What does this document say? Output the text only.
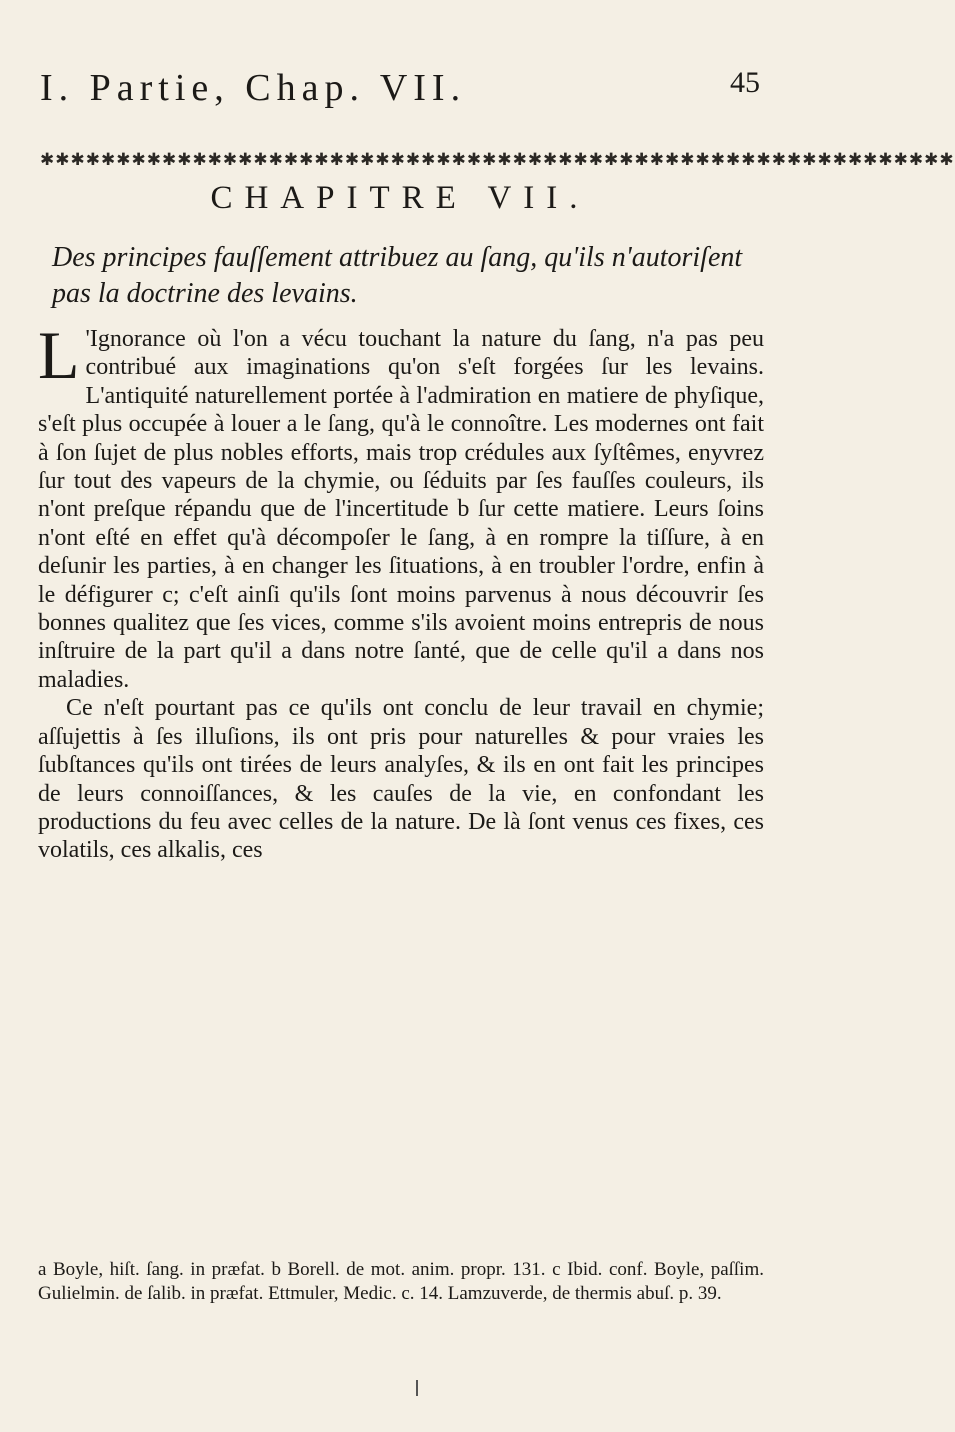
I. Partie, Chap. VII.	45
✱✱✱✱✱✱✱✱✱✱✱✱✱✱✱✱✱✱✱✱✱✱✱✱✱✱✱✱✱✱✱✱✱✱✱✱✱✱✱✱✱✱✱✱✱✱✱✱✱✱✱✱✱✱✱✱✱✱✱✱
CHAPITRE VII.
Des principes fauſſement attribuez au ſang, qu'ils n'autoriſent pas la doctrine des levains.

L 'Ignorance où l'on a vécu touchant la nature du ſang, n'a pas peu contribué aux imaginations qu'on s'eſt forgées ſur les levains. L'antiquité naturellement portée à l'admiration en matiere de phyſique, s'eſt plus occupée à louer a le ſang, qu'à le connoître. Les modernes ont fait à ſon ſujet de plus nobles efforts, mais trop crédules aux ſyſtêmes, enyvrez ſur tout des vapeurs de la chymie, ou ſéduits par ſes fauſſes couleurs, ils n'ont preſque répandu que de l'incertitude b ſur cette matiere. Leurs ſoins n'ont eſté en effet qu'à décompoſer le ſang, à en rompre la tiſſure, à en deſunir les parties, à en changer les ſituations, à en troubler l'ordre, enfin à le défigurer c; c'eſt ainſi qu'ils ſont moins parvenus à nous découvrir ſes bonnes qualitez que ſes vices, comme s'ils avoient moins entrepris de nous inſtruire de la part qu'il a dans notre ſanté, que de celle qu'il a dans nos maladies.

Ce n'eſt pourtant pas ce qu'ils ont conclu de leur travail en chymie; aſſujettis à ſes illuſions, ils ont pris pour naturelles & pour vraies les ſubſtances qu'ils ont tirées de leurs analyſes, & ils en ont fait les principes de leurs connoiſſances, & les cauſes de la vie, en confondant les productions du feu avec celles de la nature. De là ſont venus ces fixes, ces volatils, ces alkalis, ces

a Boyle, hiſt. ſang. in præfat. b Borell. de mot. anim. propr. 131. c Ibid. conf. Boyle, paſſim. Gulielmin. de ſalib. in præfat. Ettmuler, Medic. c. 14. Lamzuverde, de thermis abuſ. p. 39.
